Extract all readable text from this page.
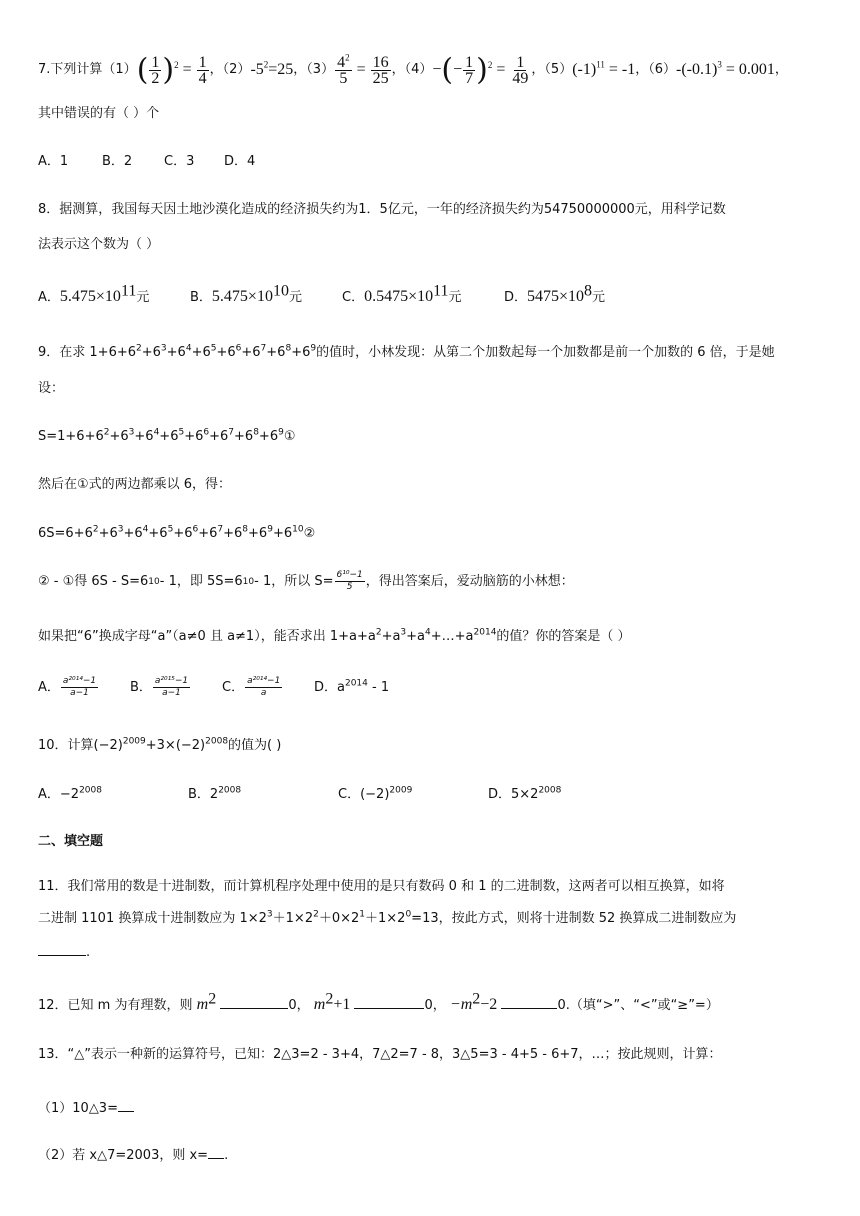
7. 下列计算（1） ( $\frac{1}{2} )^2 = \frac{1}{4}$ ，（2） $-5^2=25$ ，$(3) \frac{4^2}{5} = \frac{16}{25}$ ，（4） −(− $\frac{1}{7} )^2 = \frac{1}{49}$ ，（5） $(-1)^{11} = -1$ ，（6） $-(-0.1)^3 = 0.001$ ，
其中错误的有（ ）个
A．1	B．2 C．3 D．4
8．据测算，我国每天因土地沙漠化造成的经济损失约为1．5亿元，一年的经济损失约为54750000000元，用科学记数
法表示这个数为（ ）
A．$5.475\times 10^{11}$元	B．$5.475\times 10^{10}$元	C．$0.5475\times 10^{11}$元	D．$5475\times 10^8$元
9．在求 $1+6+6^2+6^3+6^4+6^5+6^6+6^7+6^8+6^9$的值时，小林发现：从第二个加数起每一个加数都是前一个加数的 6 倍，于是她
设：
$S=1+6+6^2+6^3+6^4+6^5+6^6+6^7+6^8+6^9①$
然后在①式的两边都乘以 6，得：
$6S=6+6^2+6^3+6^4+6^5+6^6+6^7+6^8+6^9+6^{10}②$
② - ①得 6S - S=6 10 - 1，即 5S=6 10 - 1，所以 $S= \frac{\text{6¹⁰−1}}{5}$ ，得出答案后，爱动脑筋的小林想：
如果把“6”换成字母“a”（a≠0 且 a≠1），能否求出 $1+a+a^2+a^3+a^4+\dots+a^{2014}$的值？你的答案是（ ）
A． $\frac{\text{a²⁰¹⁴−1}}{a-1}$ B． $\frac{\text{a²⁰¹⁵−1}}{a-1}$ C． $\frac{\text{a²⁰¹⁴−1}}{a}$ D．$a^{2014} - 1$
10．计算$(-2)^{2009}+3\times(-2)^{2008}$的值为( )
A．$-2^{2008}$	B．$2^{2008}$	C．$(-2)^{2009}$	D．$5\times 2^{2008}$
二、填空题
11．我们常用的数是十进制数，而计算机程序处理中使用的是只有数码 0 和 1 的二进制数，这两者可以相互换算，如将
二进制 1101 换算成十进制数应为 $1\times 2^3+1\times 2^2+0\times 2^1+1\times 2^0=13$，按此方式，则将十进制数 52 换算成二进制数应为
.
12．已知 m 为有理数，则 $m^2$	0， $m^2+1$	0， $-m^2-2$	0.（填“>”、“<”或“≥”=）
13．“△”表示一种新的运算符号，已知：2△3=2 - 3+4，7△2=7 - 8，3△5=3 - 4+5 - 6+7，…；按此规则，计算：
（1）10△3=
（2）若 x△7=2003，则 x= .
